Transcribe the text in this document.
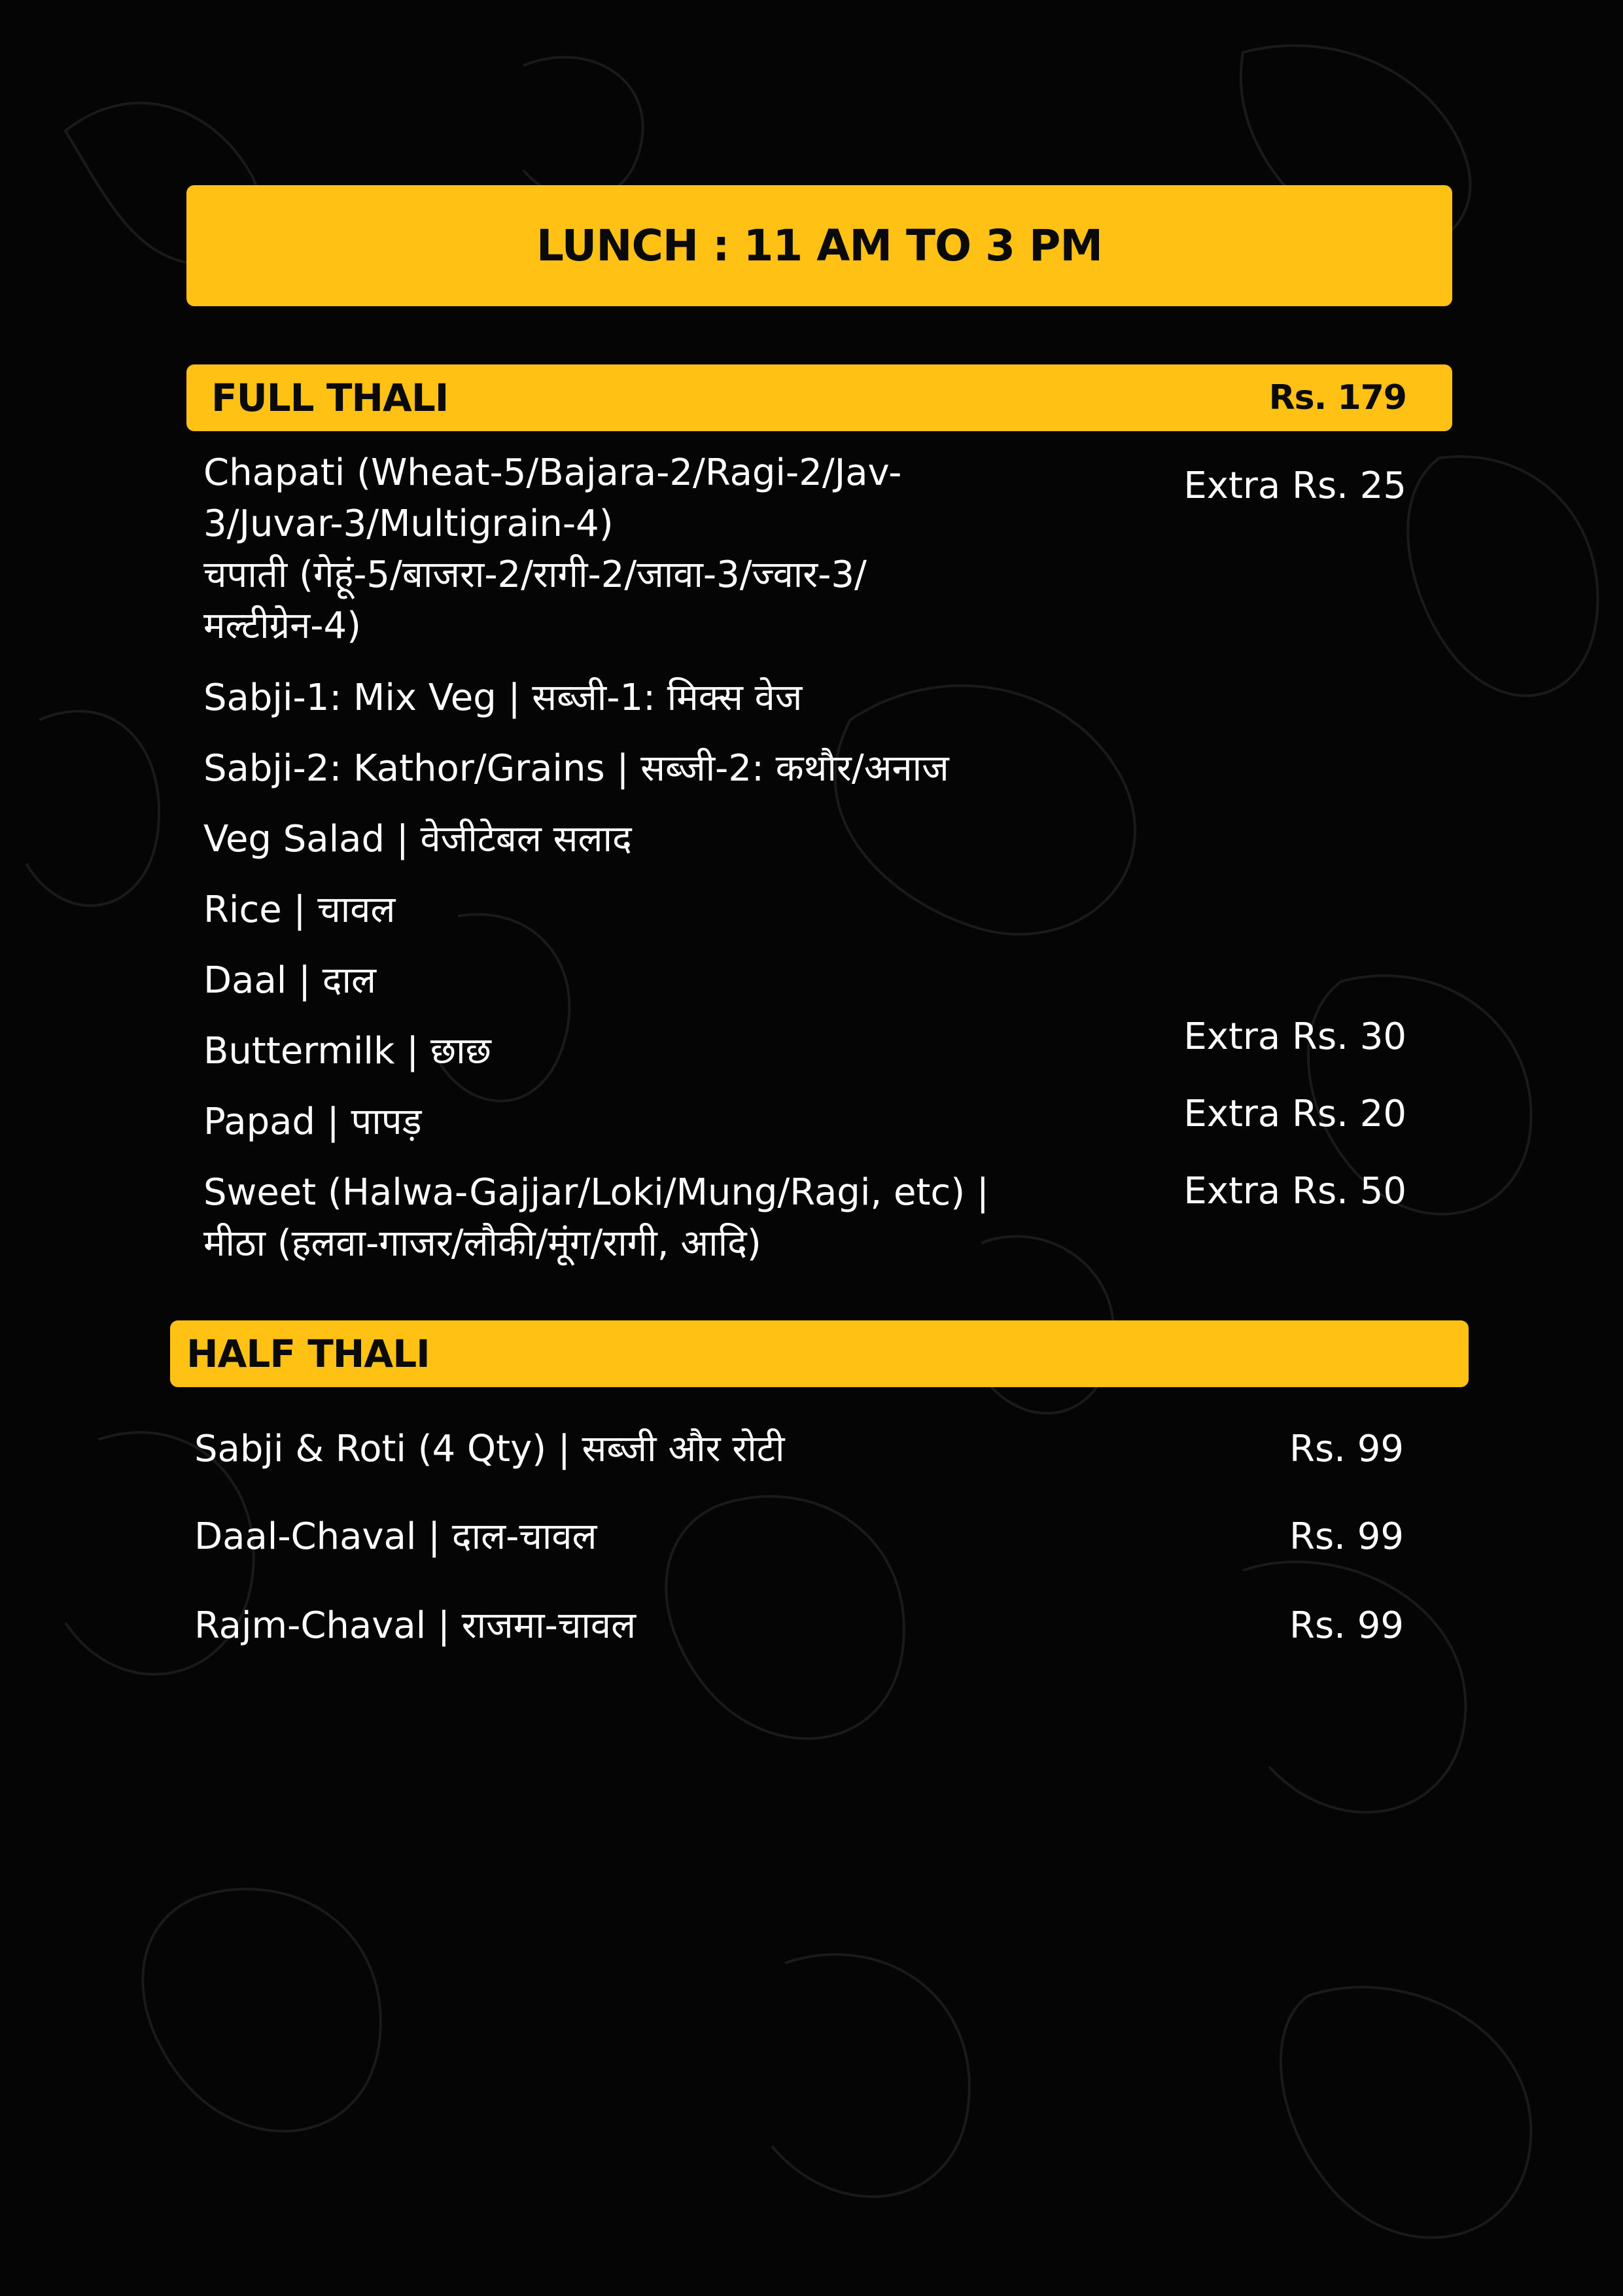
LUNCH : 11 AM TO 3 PM
FULL THALI	Rs. 179
Chapati (Wheat-5/Bajara-2/Ragi-2/Jav-
3/Juvar-3/Multigrain-4)
चपाती (गेहूं-5/बाजरा-2/रागी-2/जावा-3/ज्वार-3/
मल्टीग्रेन-4)
Extra Rs. 25
Sabji-1: Mix Veg | सब्जी-1: मिक्स वेज
Sabji-2: Kathor/Grains | सब्जी-2: कथौर/अनाज
Veg Salad | वेजीटेबल सलाद
Rice | चावल
Daal | दाल
Buttermilk | छाछ	Extra Rs. 30
Papad | पापड़	Extra Rs. 20
Sweet (Halwa-Gajjar/Loki/Mung/Ragi, etc) |
मीठा (हलवा-गाजर/लौकी/मूंग/रागी, आदि)
Extra Rs. 50
HALF THALI
Sabji & Roti (4 Qty) | सब्जी और रोटी	Rs. 99
Daal-Chaval | दाल-चावल	Rs. 99
Rajm-Chaval | राजमा-चावल	Rs. 99
